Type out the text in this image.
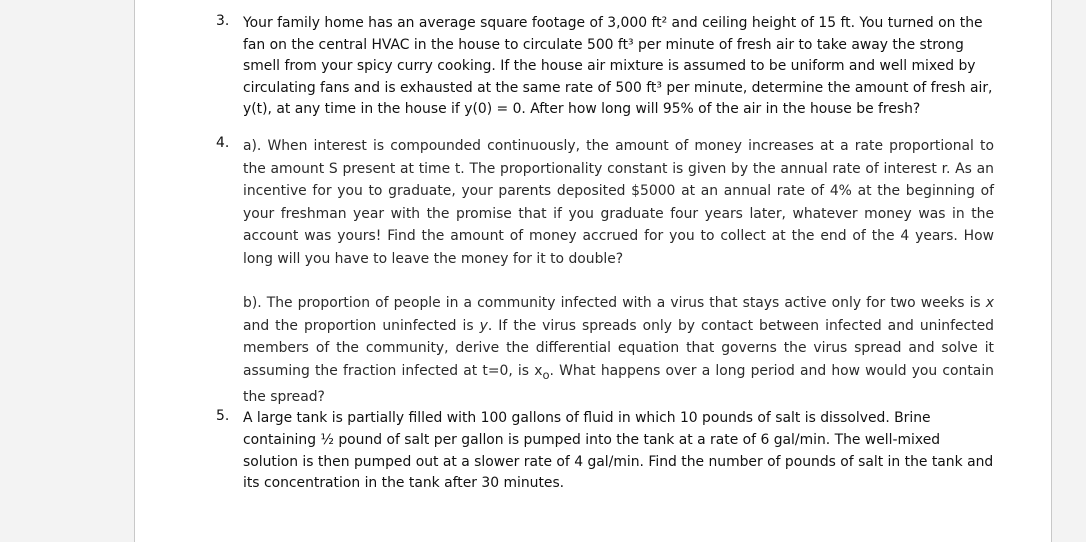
3. Your family home has an average square footage of 3,000 ft² and ceiling height of 15 ft. You turned on the fan on the central HVAC in the house to circulate 500 ft³ per minute of fresh air to take away the strong smell from your spicy curry cooking. If the house air mixture is assumed to be uniform and well mixed by circulating fans and is exhausted at the same rate of 500 ft³ per minute, determine the amount of fresh air, y(t), at any time in the house if y(0) = 0. After how long will 95% of the air in the house be fresh?
4. a). When interest is compounded continuously, the amount of money increases at a rate proportional to the amount S present at time t. The proportionality constant is given by the annual rate of interest r. As an incentive for you to graduate, your parents deposited $5000 at an annual rate of 4% at the beginning of your freshman year with the promise that if you graduate four years later, whatever money was in the account was yours! Find the amount of money accrued for you to collect at the end of the 4 years. How long will you have to leave the money for it to double?
b). The proportion of people in a community infected with a virus that stays active only for two weeks is x and the proportion uninfected is y. If the virus spreads only by contact between infected and uninfected members of the community, derive the differential equation that governs the virus spread and solve it assuming the fraction infected at t=0, is $x_o$. What happens over a long period and how would you contain the spread?
5. A large tank is partially filled with 100 gallons of fluid in which 10 pounds of salt is dissolved. Brine containing ½ pound of salt per gallon is pumped into the tank at a rate of 6 gal/min. The well-mixed solution is then pumped out at a slower rate of 4 gal/min. Find the number of pounds of salt in the tank and its concentration in the tank after 30 minutes.
